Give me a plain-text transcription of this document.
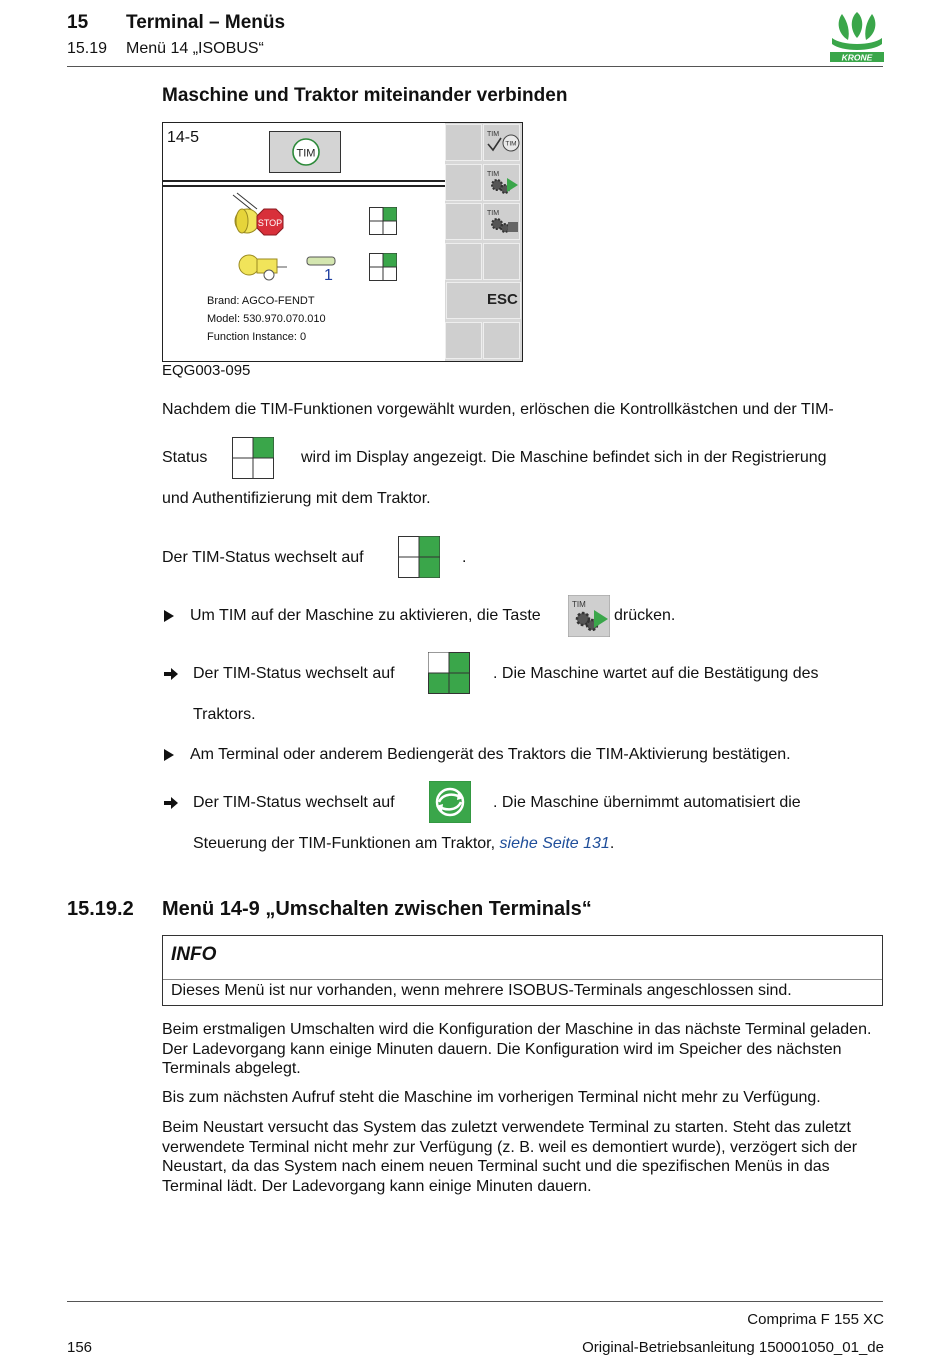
15 Terminal – Menüs
15.19 Menü 14 „ISOBUS“
KRONE
Maschine und Traktor miteinander verbinden
14-5
TIM
STOP
1
Brand: AGCO-FENDT
Model: 530.970.070.010
Function Instance: 0
TIM
TIM
TIM
TIM
ESC
EQG003-095
Nachdem die TIM-Funktionen vorgewählt wurden, erlöschen die Kontrollkästchen und der TIM-
Status	wird im Display angezeigt. Die Maschine befindet sich in der Registrierung
und Authentifizierung mit dem Traktor.
Der TIM-Status wechselt auf	.
Um TIM auf der Maschine zu aktivieren, die Taste
TIM
drücken.
Der TIM-Status wechselt auf	. Die Maschine wartet auf die Bestätigung des
Traktors.
Am Terminal oder anderem Bediengerät des Traktors die TIM-Aktivierung bestätigen.
Der TIM-Status wechselt auf	. Die Maschine übernimmt automatisiert die
Steuerung der TIM-Funktionen am Traktor, siehe Seite 131.
15.19.2 Menü 14-9 „Umschalten zwischen Terminals“
INFO
Dieses Menü ist nur vorhanden, wenn mehrere ISOBUS-Terminals angeschlossen sind.
Beim erstmaligen Umschalten wird die Konfiguration der Maschine in das nächste Terminal geladen. Der Ladevorgang kann einige Minuten dauern. Die Konfiguration wird im Speicher des nächsten Terminals abgelegt.
Bis zum nächsten Aufruf steht die Maschine im vorherigen Terminal nicht mehr zu Verfügung.
Beim Neustart versucht das System das zuletzt verwendete Terminal zu starten. Steht das zuletzt verwendete Terminal nicht mehr zur Verfügung (z. B. weil es demontiert wurde), verzögert sich der Neustart, da das System nach einem neuen Terminal sucht und die spezifischen Menüs in das Terminal lädt. Der Ladevorgang kann einige Minuten dauern.
Comprima F 155 XC
156	Original-Betriebsanleitung 150001050_01_de
